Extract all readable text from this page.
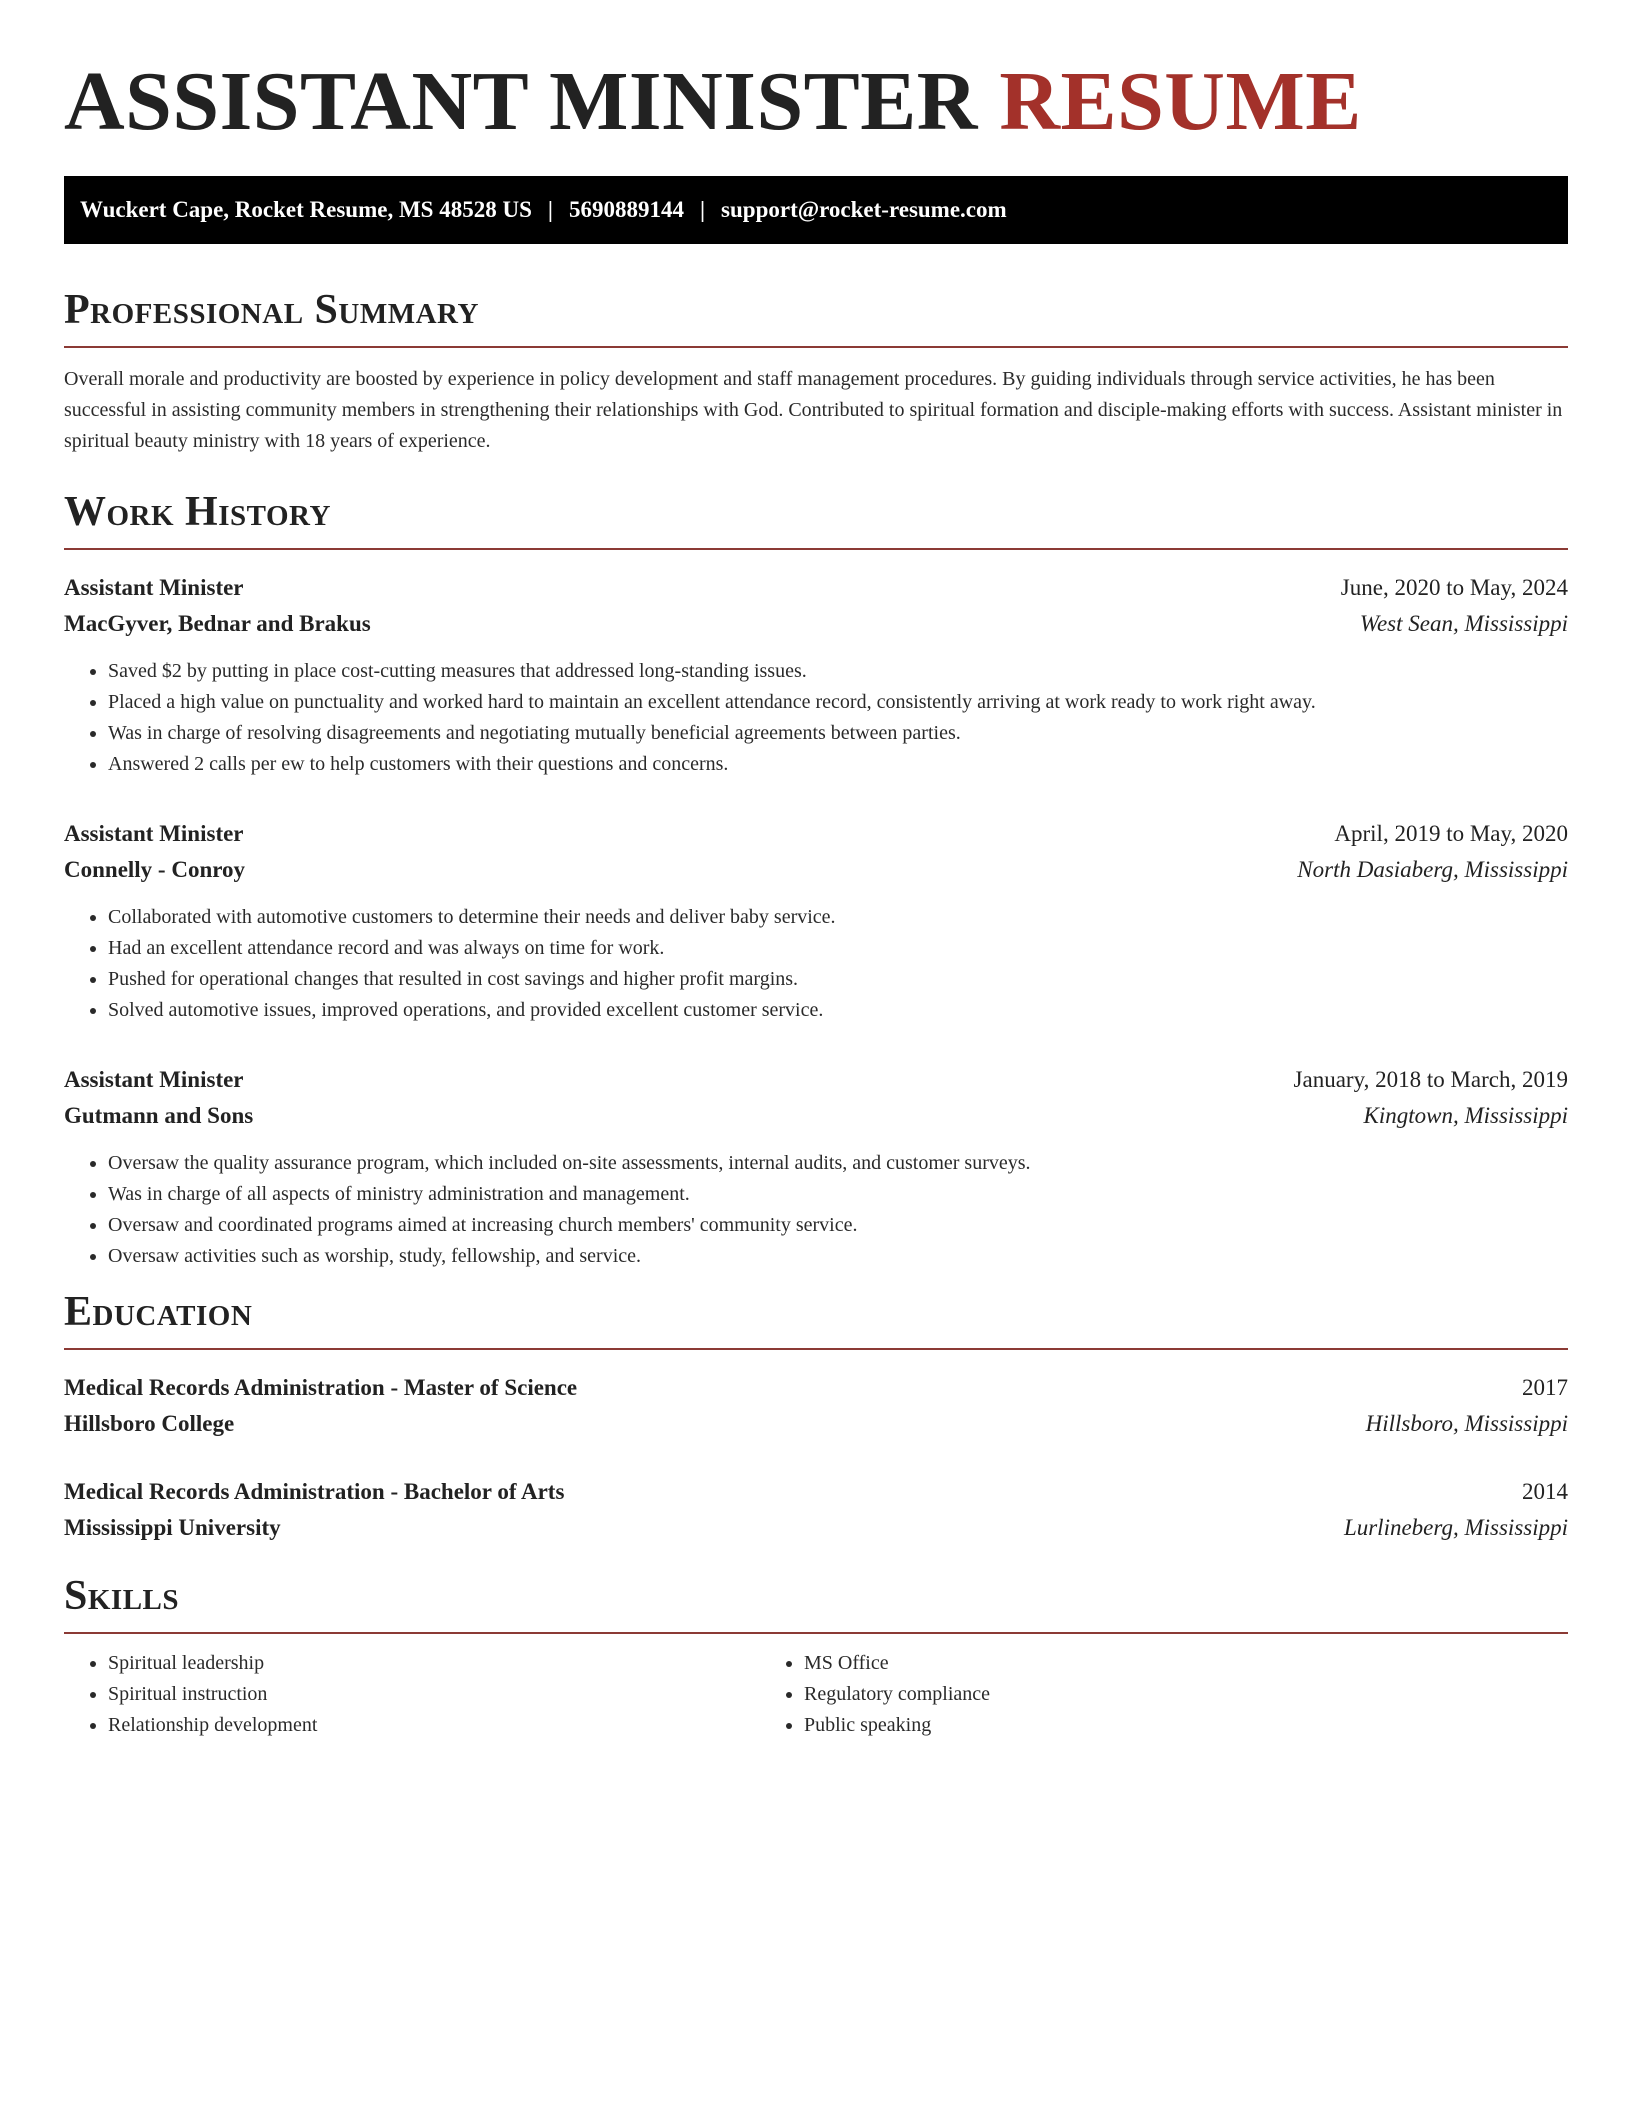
ASSISTANT MINISTER RESUME
Wuckert Cape, Rocket Resume, MS 48528 US | 5690889144 | support@rocket-resume.com
Professional Summary

Overall morale and productivity are boosted by experience in policy development and staff management procedures. By guiding individuals through service activities, he has been successful in assisting community members in strengthening their relationships with God. Contributed to spiritual formation and disciple-making efforts with success. Assistant minister in spiritual beauty ministry with 18 years of experience.

Work History
Assistant Minister	June, 2020 to May, 2024
MacGyver, Bednar and Brakus	West Sean, Mississippi
• Saved $2 by putting in place cost-cutting measures that addressed long-standing issues.
• Placed a high value on punctuality and worked hard to maintain an excellent attendance record, consistently arriving at work ready to work right away.
• Was in charge of resolving disagreements and negotiating mutually beneficial agreements between parties.
• Answered 2 calls per ew to help customers with their questions and concerns.
Assistant Minister	April, 2019 to May, 2020
Connelly - Conroy	North Dasiaberg, Mississippi
• Collaborated with automotive customers to determine their needs and deliver baby service.
• Had an excellent attendance record and was always on time for work.
• Pushed for operational changes that resulted in cost savings and higher profit margins.
• Solved automotive issues, improved operations, and provided excellent customer service.
Assistant Minister	January, 2018 to March, 2019
Gutmann and Sons	Kingtown, Mississippi
• Oversaw the quality assurance program, which included on-site assessments, internal audits, and customer surveys.
• Was in charge of all aspects of ministry administration and management.
• Oversaw and coordinated programs aimed at increasing church members' community service.
• Oversaw activities such as worship, study, fellowship, and service.
Education
Medical Records Administration - Master of Science	2017
Hillsboro College	Hillsboro, Mississippi
Medical Records Administration - Bachelor of Arts	2014
Mississippi University	Lurlineberg, Mississippi
Skills
• Spiritual leadership
• Spiritual instruction
• Relationship development
• MS Office
• Regulatory compliance
• Public speaking
